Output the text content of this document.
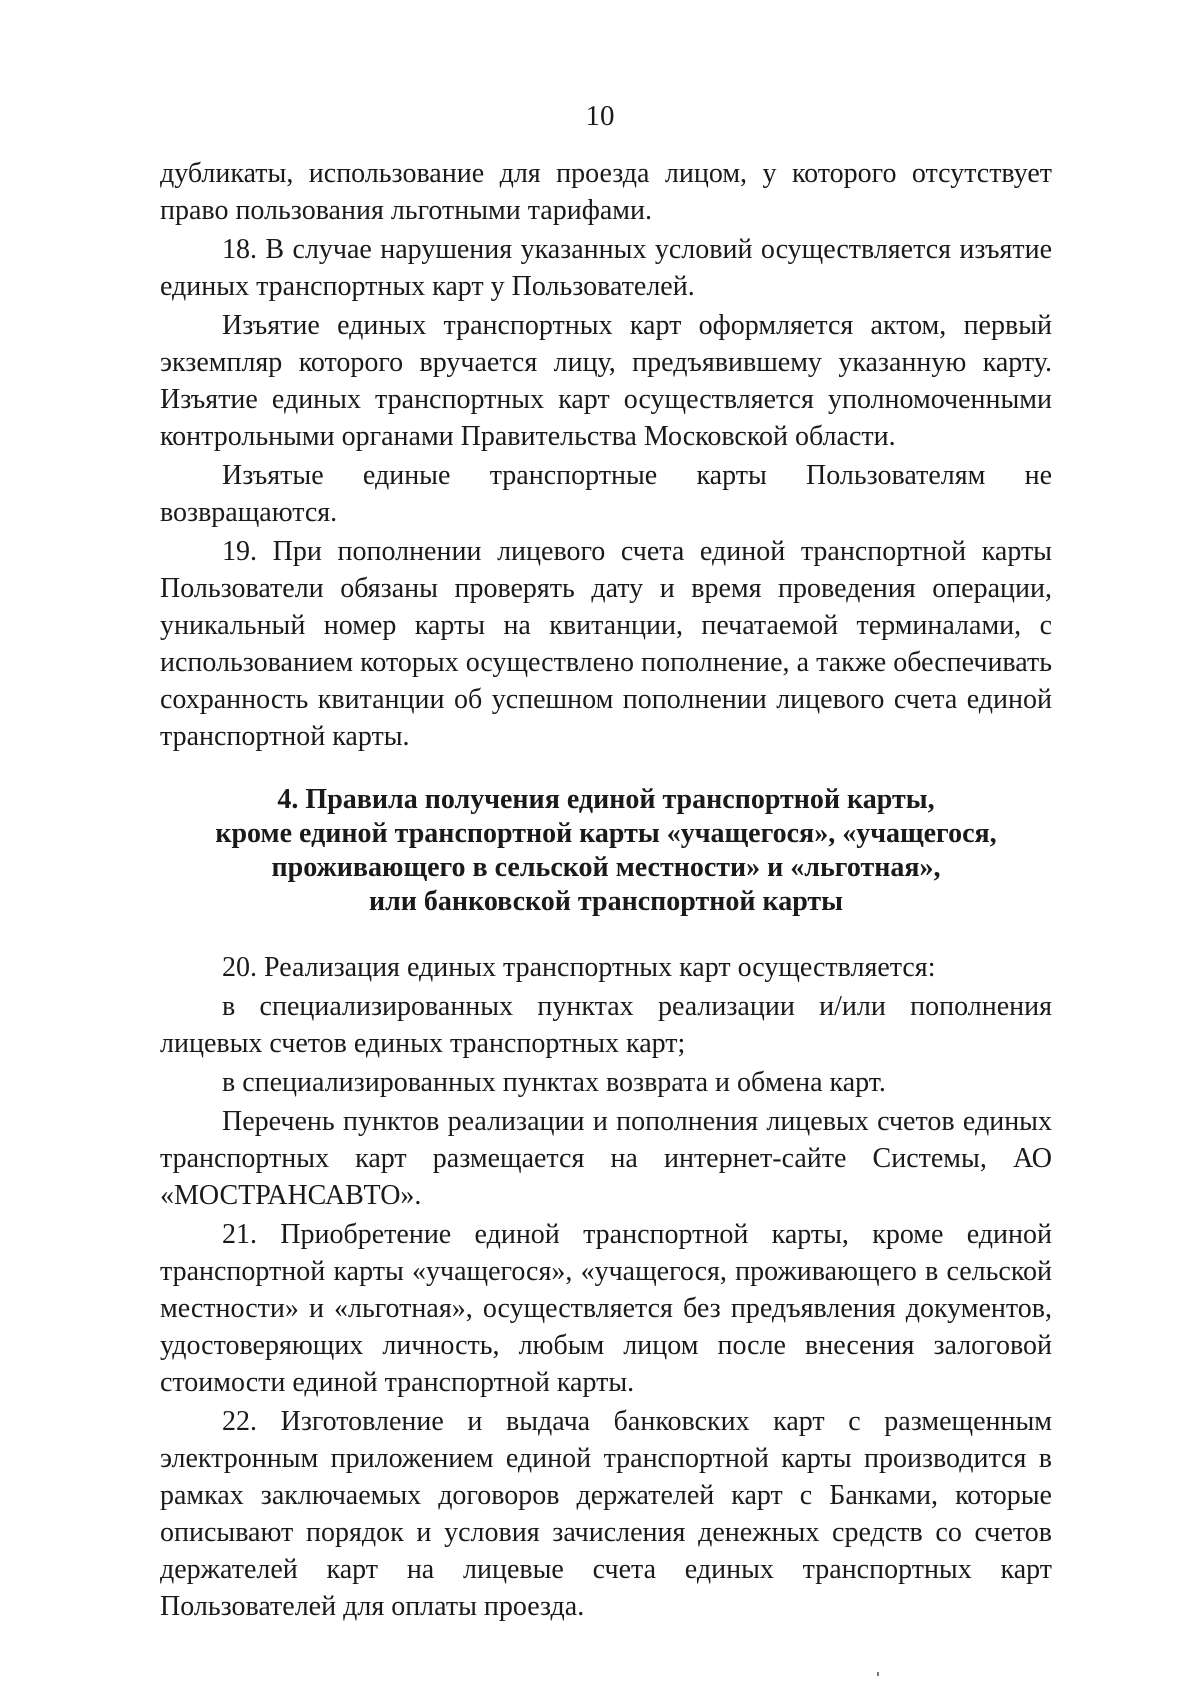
10

дубликаты, использование для проезда лицом, у которого отсутствует право пользования льготными тарифами.

18. В случае нарушения указанных условий осуществляется изъятие единых транспортных карт у Пользователей.

Изъятие единых транспортных карт оформляется актом, первый экземпляр которого вручается лицу, предъявившему указанную карту. Изъятие единых транспортных карт осуществляется уполномоченными контрольными органами Правительства Московской области.

Изъятые единые транспортные карты Пользователям не возвращаются.

19. При пополнении лицевого счета единой транспортной карты Пользователи обязаны проверять дату и время проведения операции, уникальный номер карты на квитанции, печатаемой терминалами, с использованием которых осуществлено пополнение, а также обеспечивать сохранность квитанции об успешном пополнении лицевого счета единой транспортной карты.

4. Правила получения единой транспортной карты,
кроме единой транспортной карты «учащегося», «учащегося,
проживающего в сельской местности» и «льготная»,
или банковской транспортной карты

20. Реализация единых транспортных карт осуществляется:

в специализированных пунктах реализации и/или пополнения лицевых счетов единых транспортных карт;

в специализированных пунктах возврата и обмена карт.

Перечень пунктов реализации и пополнения лицевых счетов единых транспортных карт размещается на интернет-сайте Системы, АО «МОСТРАНСАВТО».

21. Приобретение единой транспортной карты, кроме единой транспортной карты «учащегося», «учащегося, проживающего в сельской местности» и «льготная», осуществляется без предъявления документов, удостоверяющих личность, любым лицом после внесения залоговой стоимости единой транспортной карты.

22. Изготовление и выдача банковских карт с размещенным электронным приложением единой транспортной карты производится в рамках заключаемых договоров держателей карт с Банками, которые описывают порядок и условия зачисления денежных средств со счетов держателей карт на лицевые счета единых транспортных карт Пользователей для оплаты проезда.
